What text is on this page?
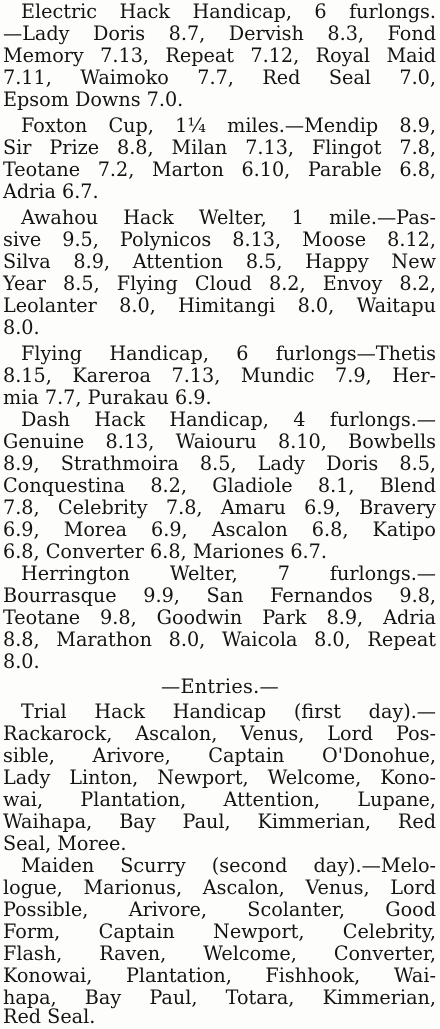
Electric Hack Handicap, 6 furlongs.
—Lady Doris 8.7, Dervish 8.3, Fond
Memory 7.13, Repeat 7.12, Royal Maid
7.11, Waimoko 7.7, Red Seal 7.0,
Epsom Downs 7.0.
Foxton Cup, 1¼ miles.—Mendip 8.9,
Sir Prize 8.8, Milan 7.13, Flingot 7.8,
Teotane 7.2, Marton 6.10, Parable 6.8,
Adria 6.7.
Awahou Hack Welter, 1 mile.—Pas-
sive 9.5, Polynicos 8.13, Moose 8.12,
Silva 8.9, Attention 8.5, Happy New
Year 8.5, Flying Cloud 8.2, Envoy 8.2,
Leolanter 8.0, Himitangi 8.0, Waitapu
8.0.
Flying Handicap, 6 furlongs—Thetis
8.15, Kareroa 7.13, Mundic 7.9, Her-
mia 7.7, Purakau 6.9.
Dash Hack Handicap, 4 furlongs.—
Genuine 8.13, Waiouru 8.10, Bowbells
8.9, Strathmoira 8.5, Lady Doris 8.5,
Conquestina 8.2, Gladiole 8.1, Blend
7.8, Celebrity 7.8, Amaru 6.9, Bravery
6.9, Morea 6.9, Ascalon 6.8, Katipo
6.8, Converter 6.8, Mariones 6.7.
Herrington Welter, 7 furlongs.—
Bourrasque 9.9, San Fernandos 9.8,
Teotane 9.8, Goodwin Park 8.9, Adria
8.8, Marathon 8.0, Waicola 8.0, Repeat
8.0.
—Entries.—
Trial Hack Handicap (first day).—
Rackarock, Ascalon, Venus, Lord Pos-
sible, Arivore, Captain O'Donohue,
Lady Linton, Newport, Welcome, Kono-
wai, Plantation, Attention, Lupane,
Waihapa, Bay Paul, Kimmerian, Red
Seal, Moree.
Maiden Scurry (second day).—Melo-
logue, Marionus, Ascalon, Venus, Lord
Possible, Arivore, Scolanter, Good
Form, Captain Newport, Celebrity,
Flash, Raven, Welcome, Converter,
Konowai, Plantation, Fishhook, Wai-
hapa, Bay Paul, Totara, Kimmerian,
Red Seal.
